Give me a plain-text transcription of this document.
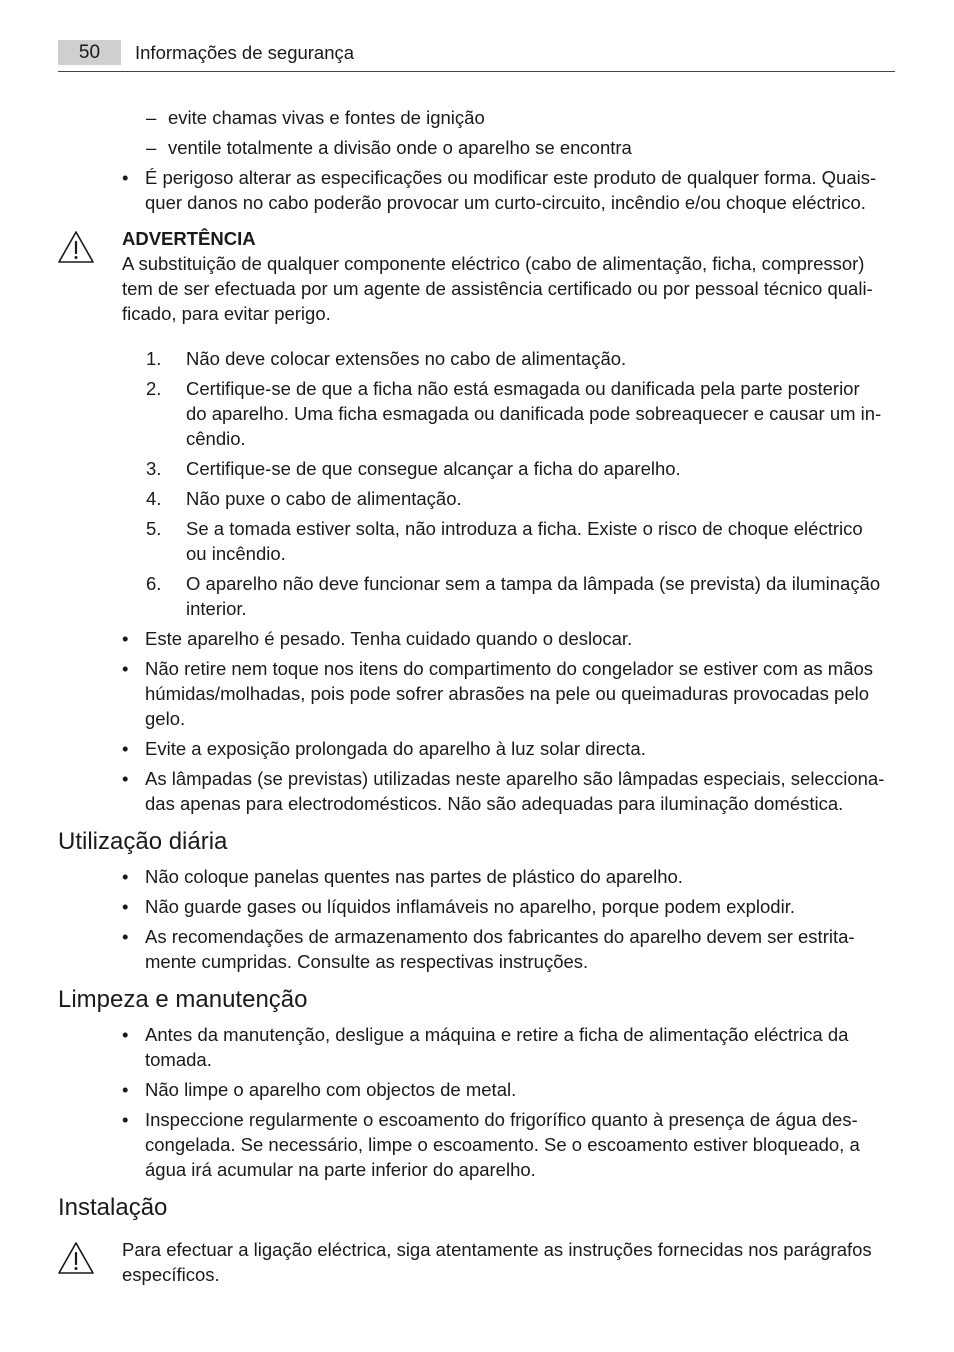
50	Informações de segurança
– evite chamas vivas e fontes de ignição
– ventile totalmente a divisão onde o aparelho se encontra
• É perigoso alterar as especificações ou modificar este produto de qualquer forma. Quais-
quer danos no cabo poderão provocar um curto-circuito, incêndio e/ou choque eléctrico.
ADVERTÊNCIA
A substituição de qualquer componente eléctrico (cabo de alimentação, ficha, compressor)
tem de ser efectuada por um agente de assistência certificado ou por pessoal técnico quali-
ficado, para evitar perigo.
1. Não deve colocar extensões no cabo de alimentação.
2. Certifique-se de que a ficha não está esmagada ou danificada pela parte posterior
do aparelho. Uma ficha esmagada ou danificada pode sobreaquecer e causar um in-
cêndio.
3. Certifique-se de que consegue alcançar a ficha do aparelho.
4. Não puxe o cabo de alimentação.
5. Se a tomada estiver solta, não introduza a ficha. Existe o risco de choque eléctrico
ou incêndio.
6. O aparelho não deve funcionar sem a tampa da lâmpada (se prevista) da iluminação
interior.
• Este aparelho é pesado. Tenha cuidado quando o deslocar.
• Não retire nem toque nos itens do compartimento do congelador se estiver com as mãos
húmidas/molhadas, pois pode sofrer abrasões na pele ou queimaduras provocadas pelo
gelo.
• Evite a exposição prolongada do aparelho à luz solar directa.
• As lâmpadas (se previstas) utilizadas neste aparelho são lâmpadas especiais, selecciona-
das apenas para electrodomésticos. Não são adequadas para iluminação doméstica.
Utilização diária
• Não coloque panelas quentes nas partes de plástico do aparelho.
• Não guarde gases ou líquidos inflamáveis no aparelho, porque podem explodir.
• As recomendações de armazenamento dos fabricantes do aparelho devem ser estrita-
mente cumpridas. Consulte as respectivas instruções.
Limpeza e manutenção
• Antes da manutenção, desligue a máquina e retire a ficha de alimentação eléctrica da
tomada.
• Não limpe o aparelho com objectos de metal.
• Inspeccione regularmente o escoamento do frigorífico quanto à presença de água des-
congelada. Se necessário, limpe o escoamento. Se o escoamento estiver bloqueado, a
água irá acumular na parte inferior do aparelho.
Instalação
Para efectuar a ligação eléctrica, siga atentamente as instruções fornecidas nos parágrafos
específicos.
